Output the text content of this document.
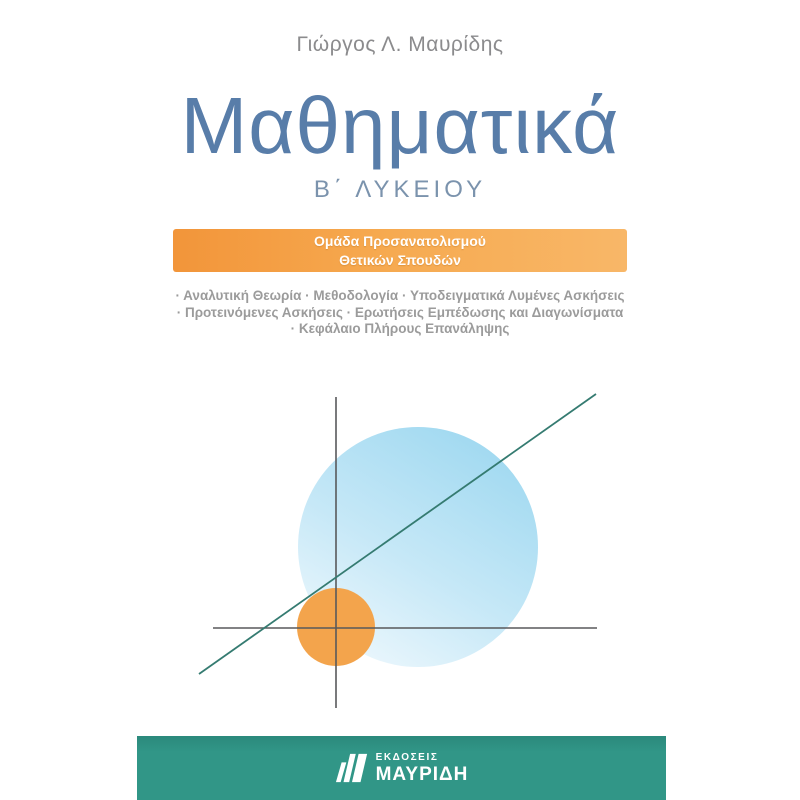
Γιώργος Λ. Μαυρίδης
Μαθηματικά
Β΄ ΛΥΚΕΙΟΥ
Ομάδα Προσανατολισμού
Θετικών Σπουδών
· Αναλυτική Θεωρία · Μεθοδολογία · Υποδειγματικά Λυμένες Ασκήσεις
· Προτεινόμενες Ασκήσεις · Ερωτήσεις Εμπέδωσης και Διαγωνίσματα
· Κεφάλαιο Πλήρους Επανάληψης
ΕΚΔΟΣΕΙΣ
ΜΑΥΡΙΔΗ
